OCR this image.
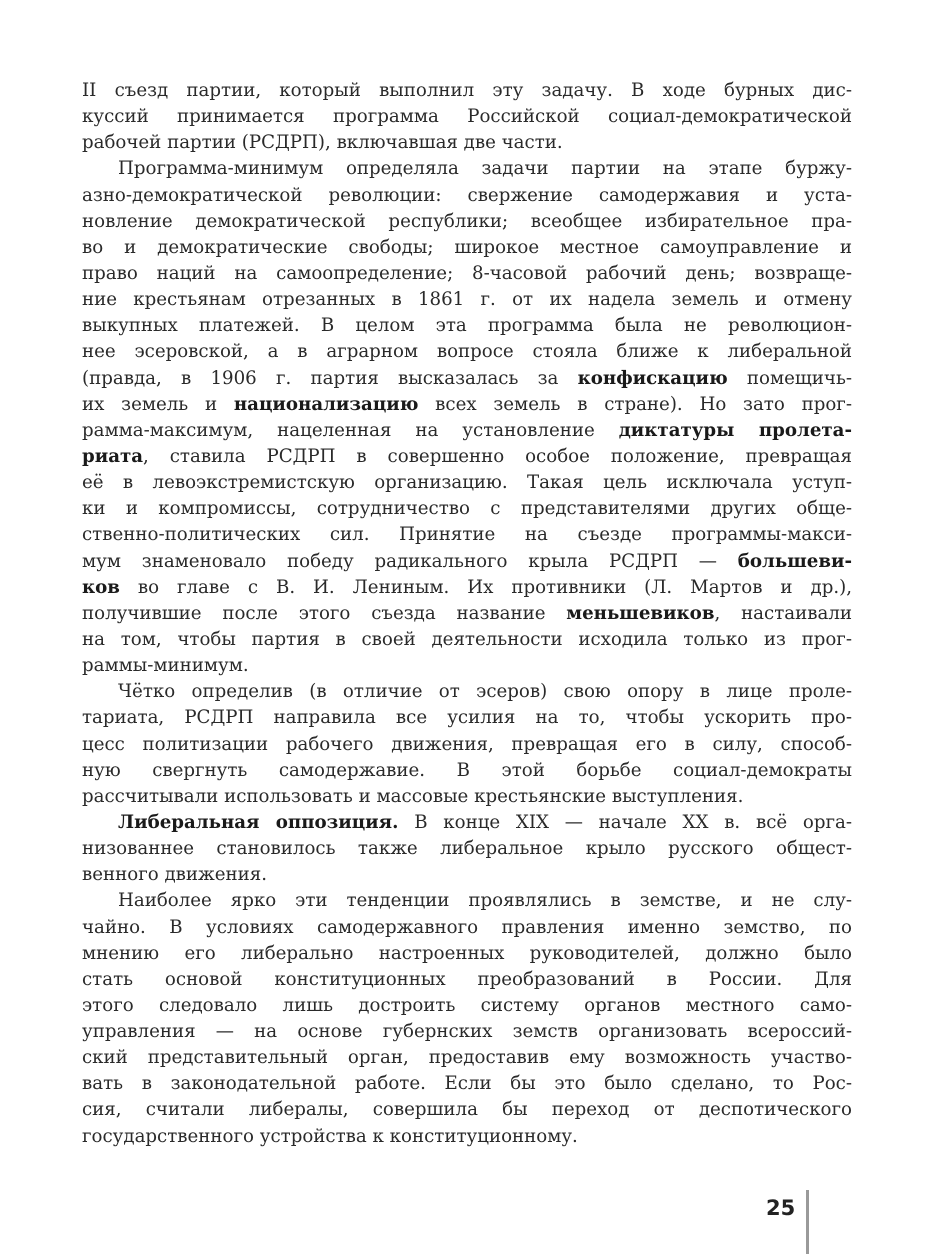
II съезд партии, который выполнил эту задачу. В ходе бурных дис-
куссий принимается программа Российской социал-демократической
рабочей партии (РСДРП), включавшая две части.
Программа-минимум определяла задачи партии на этапе буржу-
азно-демократической революции: свержение самодержавия и уста-
новление демократической республики; всеобщее избирательное пра-
во и демократические свободы; широкое местное самоуправление и
право наций на самоопределение; 8-часовой рабочий день; возвраще-
ние крестьянам отрезанных в 1861 г. от их надела земель и отмену
выкупных платежей. В целом эта программа была не революцион-
нее эсеровской, а в аграрном вопросе стояла ближе к либеральной
(правда, в 1906 г. партия высказалась за конфискацию помещичь-
их земель и национализацию всех земель в стране). Но зато прог-
рамма-максимум, нацеленная на установление диктатуры пролета-
риата, ставила РСДРП в совершенно особое положение, превращая
её в левоэкстремистскую организацию. Такая цель исключала уступ-
ки и компромиссы, сотрудничество с представителями других обще-
ственно-политических сил. Принятие на съезде программы-макси-
мум знаменовало победу радикального крыла РСДРП — большеви-
ков во главе с В. И. Лениным. Их противники (Л. Мартов и др.),
получившие после этого съезда название меньшевиков, настаивали
на том, чтобы партия в своей деятельности исходила только из прог-
раммы-минимум.
Чётко определив (в отличие от эсеров) свою опору в лице проле-
тариата, РСДРП направила все усилия на то, чтобы ускорить про-
цесс политизации рабочего движения, превращая его в силу, способ-
ную свергнуть самодержавие. В этой борьбе социал-демократы
рассчитывали использовать и массовые крестьянские выступления.
Либеральная оппозиция. В конце XIX — начале XX в. всё орга-
низованнее становилось также либеральное крыло русского общест-
венного движения.
Наиболее ярко эти тенденции проявлялись в земстве, и не слу-
чайно. В условиях самодержавного правления именно земство, по
мнению его либерально настроенных руководителей, должно было
стать основой конституционных преобразований в России. Для
этого следовало лишь достроить систему органов местного само-
управления — на основе губернских земств организовать всероссий-
ский представительный орган, предоставив ему возможность участво-
вать в законодательной работе. Если бы это было сделано, то Рос-
сия, считали либералы, совершила бы переход от деспотического
государственного устройства к конституционному.
25
